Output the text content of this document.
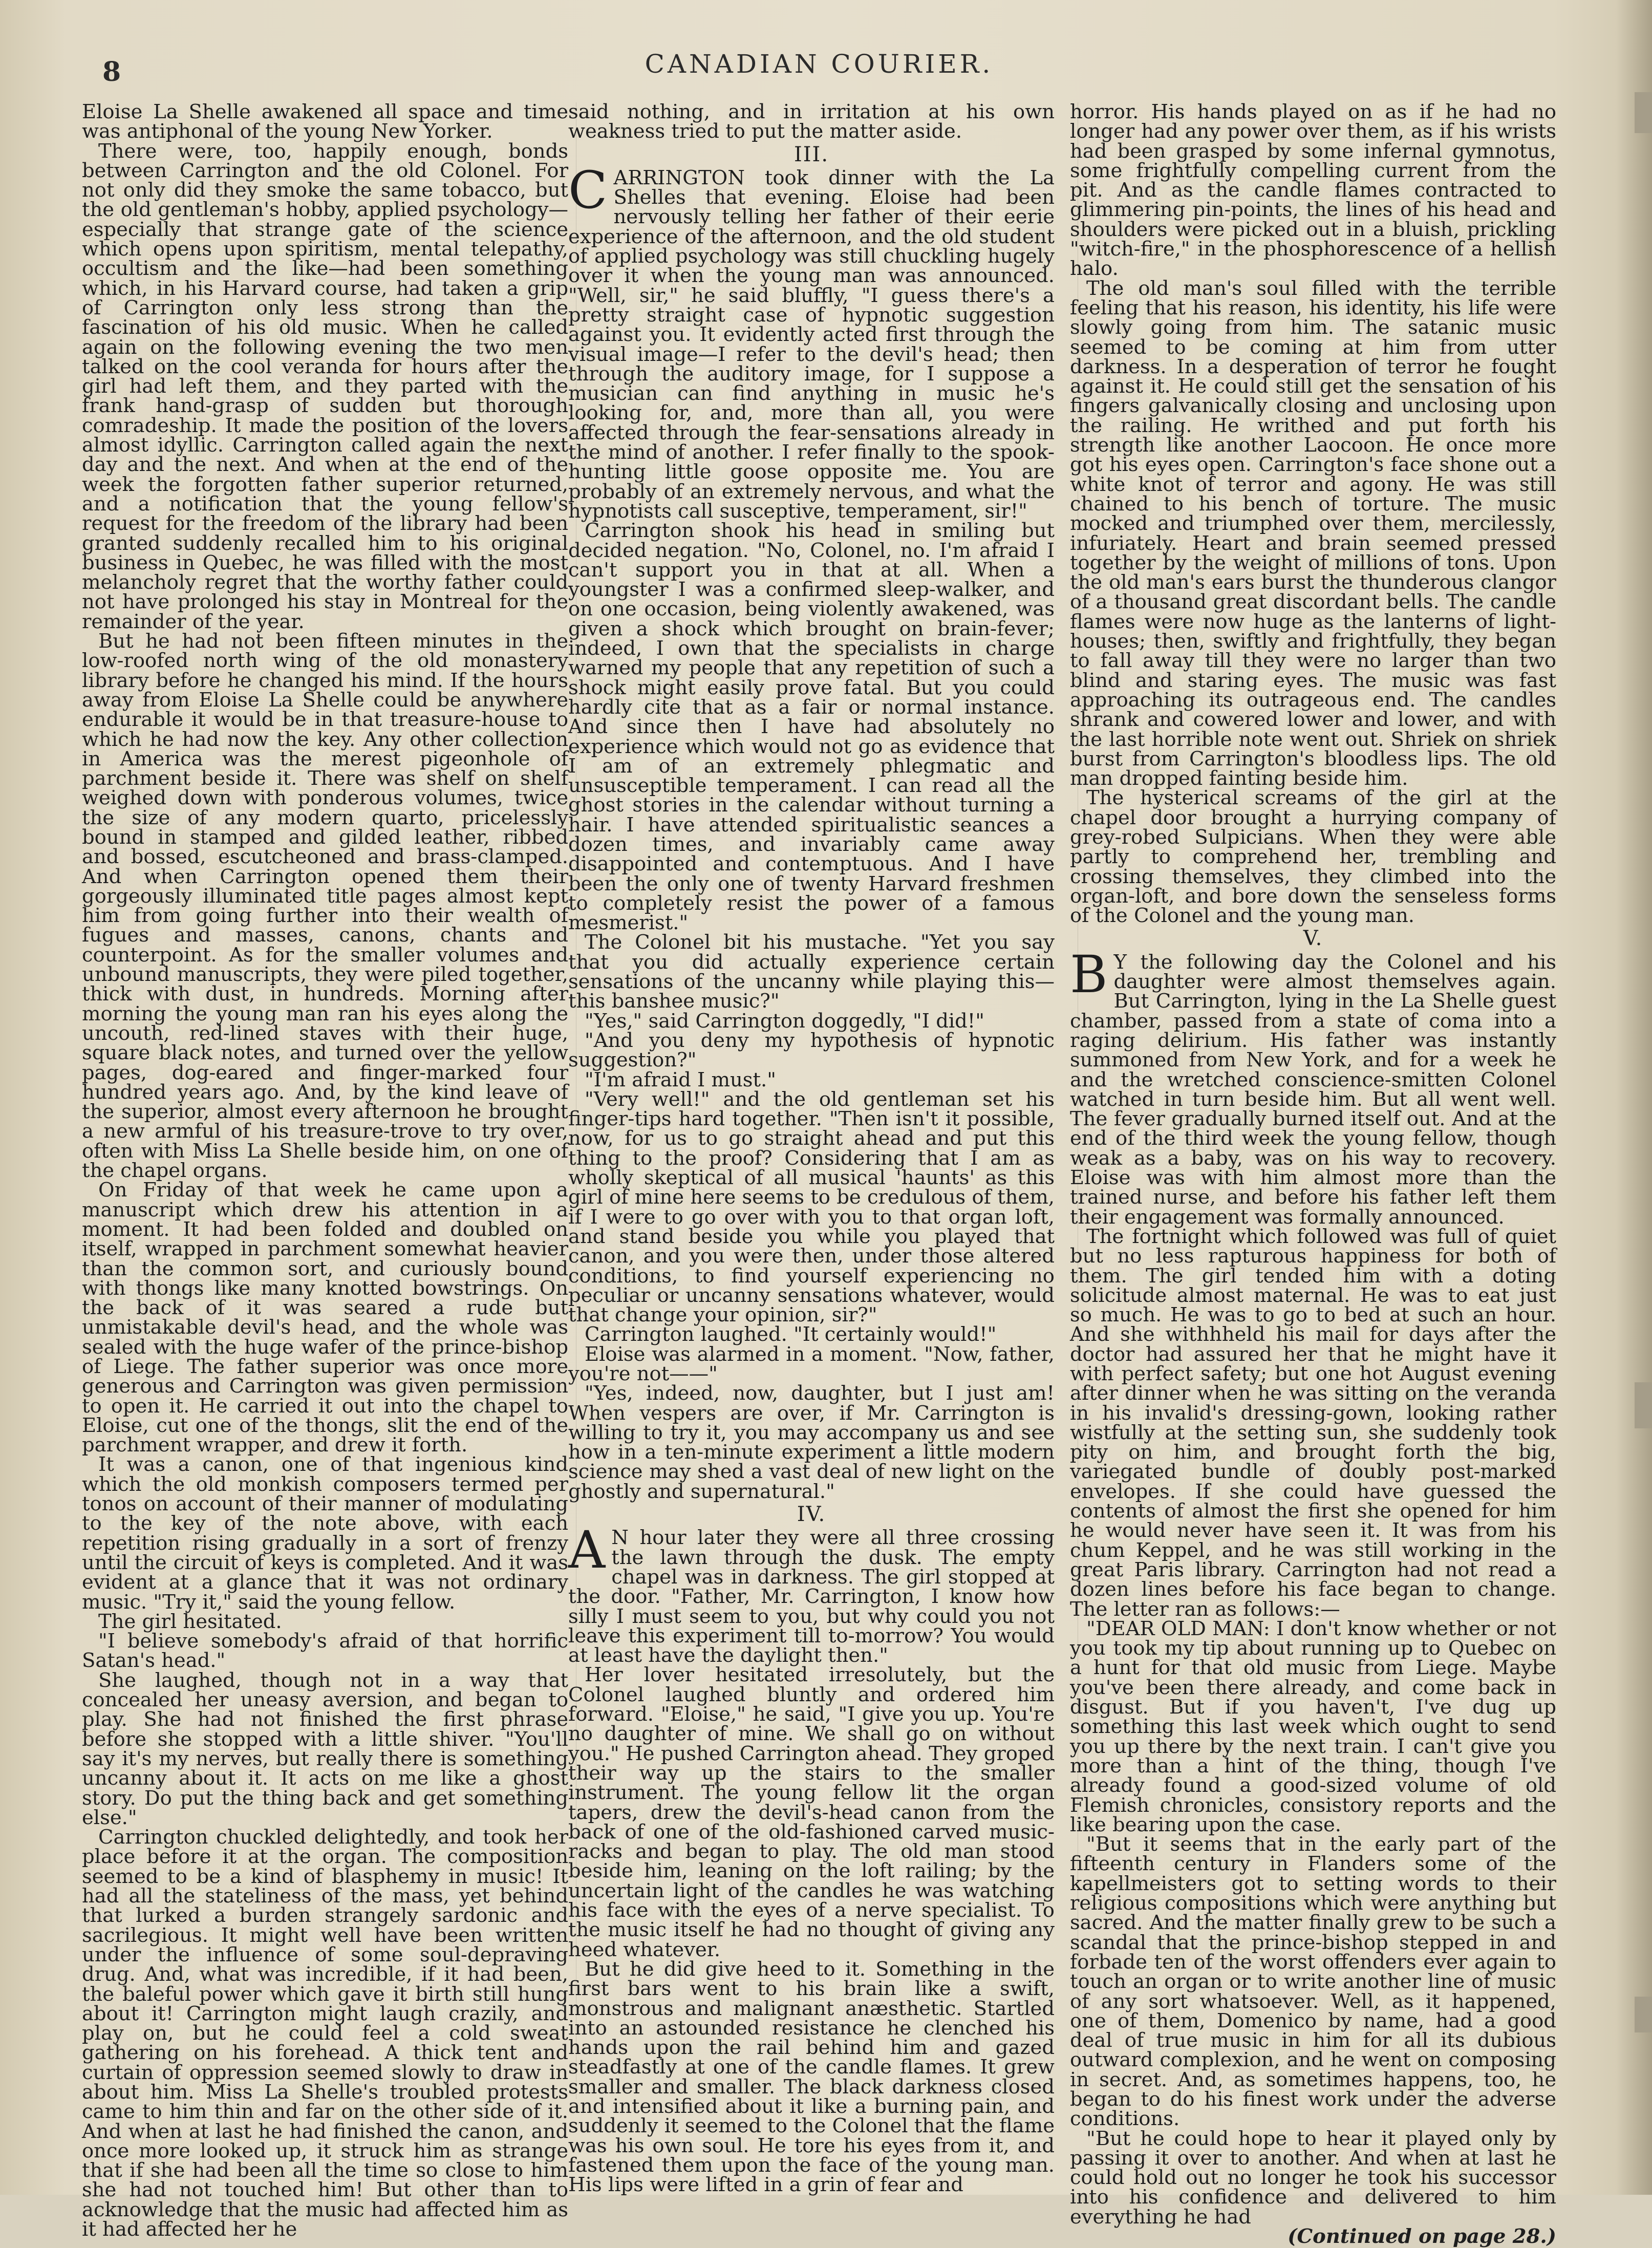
8	CANADIAN COURIER.

Eloise La Shelle awakened all space and time was antiphonal of the young New Yorker.

There were, too, happily enough, bonds between Carrington and the old Colonel. For not only did they smoke the same tobacco, but the old gentleman's hobby, applied psychology—especially that strange gate of the science which opens upon spiritism, mental telepathy, occultism and the like—had been something which, in his Harvard course, had taken a grip of Carrington only less strong than the fascination of his old music. When he called again on the following evening the two men talked on the cool veranda for hours after the girl had left them, and they parted with the frank hand-grasp of sudden but thorough comradeship. It made the position of the lovers almost idyllic. Carrington called again the next day and the next. And when at the end of the week the forgotten father superior returned, and a notification that the young fellow's request for the freedom of the library had been granted suddenly recalled him to his original business in Quebec, he was filled with the most melancholy regret that the worthy father could not have prolonged his stay in Montreal for the remainder of the year.

But he had not been fifteen minutes in the low-roofed north wing of the old monastery library before he changed his mind. If the hours away from Eloise La Shelle could be anywhere endurable it would be in that treasure-house to which he had now the key. Any other collection in America was the merest pigeonhole of parchment beside it. There was shelf on shelf weighed down with ponderous volumes, twice the size of any modern quarto, pricelessly bound in stamped and gilded leather, ribbed and bossed, escutcheoned and brass-clamped. And when Carrington opened them their gorgeously illuminated title pages almost kept him from going further into their wealth of fugues and masses, canons, chants and counterpoint. As for the smaller volumes and unbound manuscripts, they were piled together, thick with dust, in hundreds. Morning after morning the young man ran his eyes along the uncouth, red-lined staves with their huge, square black notes, and turned over the yellow pages, dog-eared and finger-marked four hundred years ago. And, by the kind leave of the superior, almost every afternoon he brought a new armful of his treasure-trove to try over, often with Miss La Shelle beside him, on one of the chapel organs.

On Friday of that week he came upon a manuscript which drew his attention in a moment. It had been folded and doubled on itself, wrapped in parchment somewhat heavier than the common sort, and curiously bound with thongs like many knotted bowstrings. On the back of it was seared a rude but unmistakable devil's head, and the whole was sealed with the huge wafer of the prince-bishop of Liege. The father superior was once more generous and Carrington was given permission to open it. He carried it out into the chapel to Eloise, cut one of the thongs, slit the end of the parchment wrapper, and drew it forth.

It was a canon, one of that ingenious kind which the old monkish composers termed per tonos on account of their manner of modulating to the key of the note above, with each repetition rising gradually in a sort of frenzy until the circuit of keys is completed. And it was evident at a glance that it was not ordinary music. "Try it," said the young fellow.

The girl hesitated.

"I believe somebody's afraid of that horrific Satan's head."

She laughed, though not in a way that concealed her uneasy aversion, and began to play. She had not finished the first phrase before she stopped with a little shiver. "You'll say it's my nerves, but really there is something uncanny about it. It acts on me like a ghost story. Do put the thing back and get something else."

Carrington chuckled delightedly, and took her place before it at the organ. The composition seemed to be a kind of blasphemy in music! It had all the stateliness of the mass, yet behind that lurked a burden strangely sardonic and sacrilegious. It might well have been written under the influence of some soul-depraving drug. And, what was incredible, if it had been, the baleful power which gave it birth still hung about it! Carrington might laugh crazily, and play on, but he could feel a cold sweat gathering on his forehead. A thick tent and curtain of oppression seemed slowly to draw in about him. Miss La Shelle's troubled protests came to him thin and far on the other side of it. And when at last he had finished the canon, and once more looked up, it struck him as strange that if she had been all the time so close to him she had not touched him! But other than to acknowledge that the music had affected him as it had affected her he

said nothing, and in irritation at his own weakness tried to put the matter aside.

III.

CARRINGTON took dinner with the La Shelles that evening. Eloise had been nervously telling her father of their eerie experience of the afternoon, and the old student of applied psychology was still chuckling hugely over it when the young man was announced. "Well, sir," he said bluffly, "I guess there's a pretty straight case of hypnotic suggestion against you. It evidently acted first through the visual image—I refer to the devil's head; then through the auditory image, for I suppose a musician can find anything in music he's looking for, and, more than all, you were affected through the fear-sensations already in the mind of another. I refer finally to the spook-hunting little goose opposite me. You are probably of an extremely nervous, and what the hypnotists call susceptive, temperament, sir!"

Carrington shook his head in smiling but decided negation. "No, Colonel, no. I'm afraid I can't support you in that at all. When a youngster I was a confirmed sleep-walker, and on one occasion, being violently awakened, was given a shock which brought on brain-fever; indeed, I own that the specialists in charge warned my people that any repetition of such a shock might easily prove fatal. But you could hardly cite that as a fair or normal instance. And since then I have had absolutely no experience which would not go as evidence that I am of an extremely phlegmatic and unsusceptible temperament. I can read all the ghost stories in the calendar without turning a hair. I have attended spiritualistic seances a dozen times, and invariably came away disappointed and contemptuous. And I have been the only one of twenty Harvard freshmen to completely resist the power of a famous mesmerist."

The Colonel bit his mustache. "Yet you say that you did actually experience certain sensations of the uncanny while playing this—this banshee music?"

"Yes," said Carrington doggedly, "I did!"

"And you deny my hypothesis of hypnotic suggestion?"

"I'm afraid I must."

"Very well!" and the old gentleman set his finger-tips hard together. "Then isn't it possible, now, for us to go straight ahead and put this thing to the proof? Considering that I am as wholly skeptical of all musical 'haunts' as this girl of mine here seems to be credulous of them, if I were to go over with you to that organ loft, and stand beside you while you played that canon, and you were then, under those altered conditions, to find yourself experiencing no peculiar or uncanny sensations whatever, would that change your opinion, sir?"

Carrington laughed. "It certainly would!"

Eloise was alarmed in a moment. "Now, father, you're not——"

"Yes, indeed, now, daughter, but I just am! When vespers are over, if Mr. Carrington is willing to try it, you may accompany us and see how in a ten-minute experiment a little modern science may shed a vast deal of new light on the ghostly and supernatural."

IV.

A N hour later they were all three crossing the lawn through the dusk. The empty chapel was in darkness. The girl stopped at the door. "Father, Mr. Carrington, I know how silly I must seem to you, but why could you not leave this experiment till to-morrow? You would at least have the daylight then."

Her lover hesitated irresolutely, but the Colonel laughed bluntly and ordered him forward. "Eloise," he said, "I give you up. You're no daughter of mine. We shall go on without you." He pushed Carrington ahead. They groped their way up the stairs to the smaller instrument. The young fellow lit the organ tapers, drew the devil's-head canon from the back of one of the old-fashioned carved music-racks and began to play. The old man stood beside him, leaning on the loft railing; by the uncertain light of the candles he was watching his face with the eyes of a nerve specialist. To the music itself he had no thought of giving any heed whatever.

But he did give heed to it. Something in the first bars went to his brain like a swift, monstrous and malignant anæsthetic. Startled into an astounded resistance he clenched his hands upon the rail behind him and gazed steadfastly at one of the candle flames. It grew smaller and smaller. The black darkness closed and intensified about it like a burning pain, and suddenly it seemed to the Colonel that the flame was his own soul. He tore his eyes from it, and fastened them upon the face of the young man. His lips were lifted in a grin of fear and

horror. His hands played on as if he had no longer had any power over them, as if his wrists had been grasped by some infernal gymnotus, some frightfully compelling current from the pit. And as the candle flames contracted to glimmering pin-points, the lines of his head and shoulders were picked out in a bluish, prickling "witch-fire," in the phosphorescence of a hellish halo.

The old man's soul filled with the terrible feeling that his reason, his identity, his life were slowly going from him. The satanic music seemed to be coming at him from utter darkness. In a desperation of terror he fought against it. He could still get the sensation of his fingers galvanically closing and unclosing upon the railing. He writhed and put forth his strength like another Laocoon. He once more got his eyes open. Carrington's face shone out a white knot of terror and agony. He was still chained to his bench of torture. The music mocked and triumphed over them, mercilessly, infuriately. Heart and brain seemed pressed together by the weight of millions of tons. Upon the old man's ears burst the thunderous clangor of a thousand great discordant bells. The candle flames were now huge as the lanterns of light-houses; then, swiftly and frightfully, they began to fall away till they were no larger than two blind and staring eyes. The music was fast approaching its outrageous end. The candles shrank and cowered lower and lower, and with the last horrible note went out. Shriek on shriek burst from Carrington's bloodless lips. The old man dropped fainting beside him.

The hysterical screams of the girl at the chapel door brought a hurrying company of grey-robed Sulpicians. When they were able partly to comprehend her, trembling and crossing themselves, they climbed into the organ-loft, and bore down the senseless forms of the Colonel and the young man.

V.

B Y the following day the Colonel and his daughter were almost themselves again. But Carrington, lying in the La Shelle guest chamber, passed from a state of coma into a raging delirium. His father was instantly summoned from New York, and for a week he and the wretched conscience-smitten Colonel watched in turn beside him. But all went well. The fever gradually burned itself out. And at the end of the third week the young fellow, though weak as a baby, was on his way to recovery. Eloise was with him almost more than the trained nurse, and before his father left them their engagement was formally announced.

The fortnight which followed was full of quiet but no less rapturous happiness for both of them. The girl tended him with a doting solicitude almost maternal. He was to eat just so much. He was to go to bed at such an hour. And she withhheld his mail for days after the doctor had assured her that he might have it with perfect safety; but one hot August evening after dinner when he was sitting on the veranda in his invalid's dressing-gown, looking rather wistfully at the setting sun, she suddenly took pity on him, and brought forth the big, variegated bundle of doubly post-marked envelopes. If she could have guessed the contents of almost the first she opened for him he would never have seen it. It was from his chum Keppel, and he was still working in the great Paris library. Carrington had not read a dozen lines before his face began to change. The letter ran as follows:—

"DEAR OLD MAN: I don't know whether or not you took my tip about running up to Quebec on a hunt for that old music from Liege. Maybe you've been there already, and come back in disgust. But if you haven't, I've dug up something this last week which ought to send you up there by the next train. I can't give you more than a hint of the thing, though I've already found a good-sized volume of old Flemish chronicles, consistory reports and the like bearing upon the case.

"But it seems that in the early part of the fifteenth century in Flanders some of the kapellmeisters got to setting words to their religious compositions which were anything but sacred. And the matter finally grew to be such a scandal that the prince-bishop stepped in and forbade ten of the worst offenders ever again to touch an organ or to write another line of music of any sort whatsoever. Well, as it happened, one of them, Domenico by name, had a good deal of true music in him for all its dubious outward complexion, and he went on composing in secret. And, as sometimes happens, too, he began to do his finest work under the adverse conditions.

"But he could hope to hear it played only by passing it over to another. And when at last he could hold out no longer he took his successor into his confidence and delivered to him everything he had

(Continued on page 28.)
